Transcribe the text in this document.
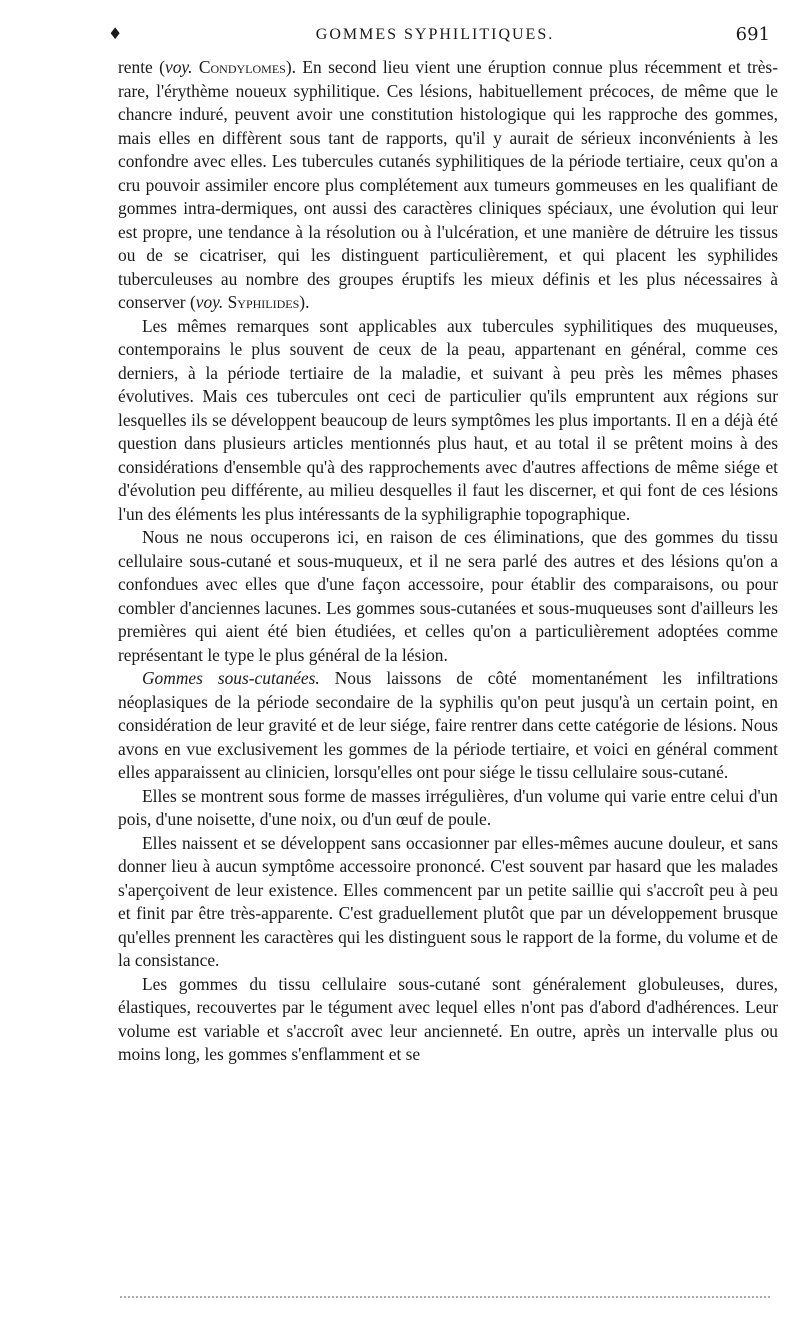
♦	GOMMES SYPHILITIQUES.	691

rente (voy. Condylomes). En second lieu vient une éruption connue plus récemment et très-rare, l'érythème noueux syphilitique. Ces lésions, habituellement précoces, de même que le chancre induré, peuvent avoir une constitution histologique qui les rapproche des gommes, mais elles en diffèrent sous tant de rapports, qu'il y aurait de sérieux inconvénients à les confondre avec elles. Les tubercules cutanés syphilitiques de la période tertiaire, ceux qu'on a cru pouvoir assimiler encore plus complétement aux tumeurs gommeuses en les qualifiant de gommes intra-dermiques, ont aussi des caractères cliniques spéciaux, une évolution qui leur est propre, une tendance à la résolution ou à l'ulcération, et une manière de détruire les tissus ou de se cicatriser, qui les distinguent particulièrement, et qui placent les syphilides tuberculeuses au nombre des groupes éruptifs les mieux définis et les plus nécessaires à conserver (voy. Syphilides).

Les mêmes remarques sont applicables aux tubercules syphilitiques des muqueuses, contemporains le plus souvent de ceux de la peau, appartenant en général, comme ces derniers, à la période tertiaire de la maladie, et suivant à peu près les mêmes phases évolutives. Mais ces tubercules ont ceci de particulier qu'ils empruntent aux régions sur lesquelles ils se développent beaucoup de leurs symptômes les plus importants. Il en a déjà été question dans plusieurs articles mentionnés plus haut, et au total il se prêtent moins à des considérations d'ensemble qu'à des rapprochements avec d'autres affections de même siége et d'évolution peu différente, au milieu desquelles il faut les discerner, et qui font de ces lésions l'un des éléments les plus intéressants de la syphiligraphie topographique.

Nous ne nous occuperons ici, en raison de ces éliminations, que des gommes du tissu cellulaire sous-cutané et sous-muqueux, et il ne sera parlé des autres et des lésions qu'on a confondues avec elles que d'une façon accessoire, pour établir des comparaisons, ou pour combler d'anciennes lacunes. Les gommes sous-cutanées et sous-muqueuses sont d'ailleurs les premières qui aient été bien étudiées, et celles qu'on a particulièrement adoptées comme représentant le type le plus général de la lésion.

Gommes sous-cutanées. Nous laissons de côté momentanément les infiltrations néoplasiques de la période secondaire de la syphilis qu'on peut jusqu'à un certain point, en considération de leur gravité et de leur siége, faire rentrer dans cette catégorie de lésions. Nous avons en vue exclusivement les gommes de la période tertiaire, et voici en général comment elles apparaissent au clinicien, lorsqu'elles ont pour siége le tissu cellulaire sous-cutané.

Elles se montrent sous forme de masses irrégulières, d'un volume qui varie entre celui d'un pois, d'une noisette, d'une noix, ou d'un œuf de poule.

Elles naissent et se développent sans occasionner par elles-mêmes aucune douleur, et sans donner lieu à aucun symptôme accessoire prononcé. C'est souvent par hasard que les malades s'aperçoivent de leur existence. Elles commencent par un petite saillie qui s'accroît peu à peu et finit par être très-apparente. C'est graduellement plutôt que par un développement brusque qu'elles prennent les caractères qui les distinguent sous le rapport de la forme, du volume et de la consistance.

Les gommes du tissu cellulaire sous-cutané sont généralement globuleuses, dures, élastiques, recouvertes par le tégument avec lequel elles n'ont pas d'abord d'adhérences. Leur volume est variable et s'accroît avec leur ancienneté. En outre, après un intervalle plus ou moins long, les gommes s'enflamment et se
